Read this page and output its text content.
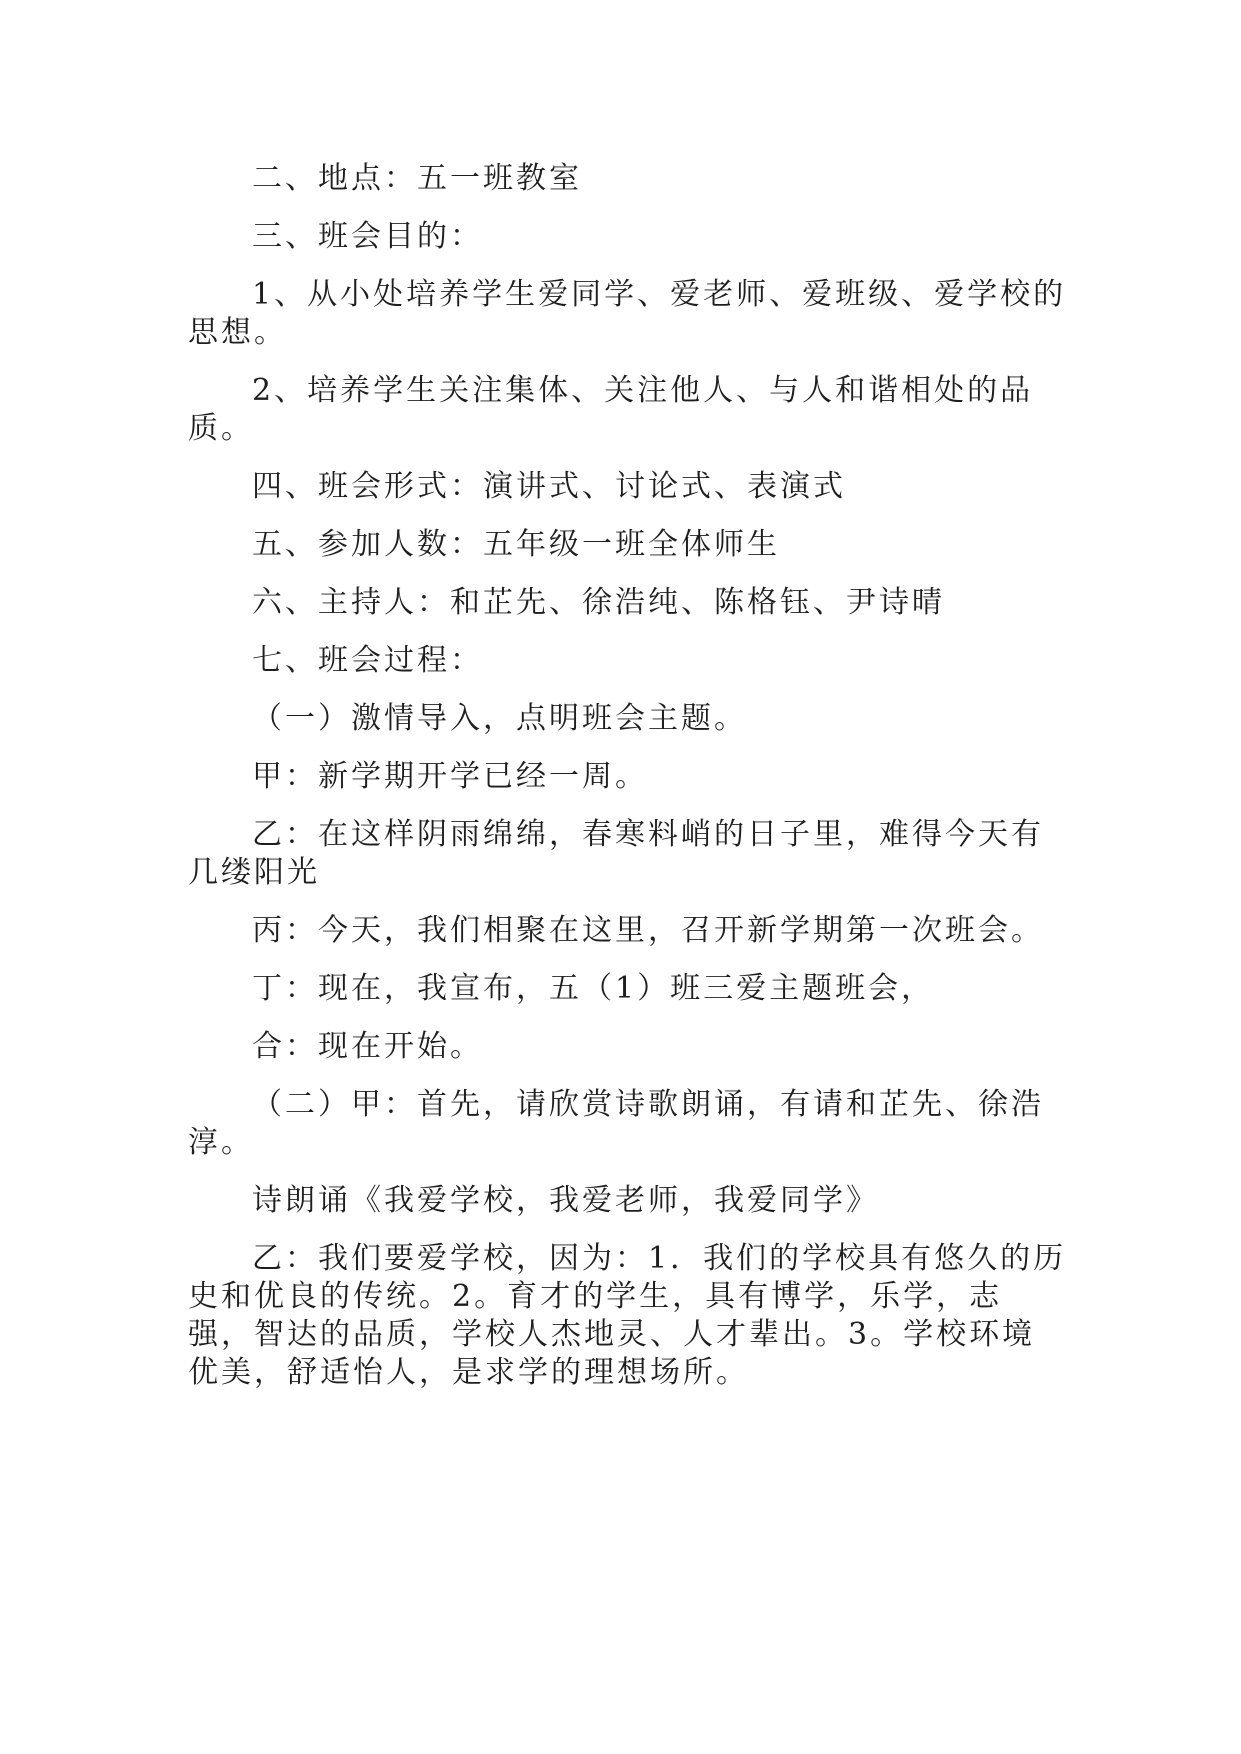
二、地点：五一班教室

三、班会目的：

1、从小处培养学生爱同学、爱老师、爱班级、爱学校的思想。

2、培养学生关注集体、关注他人、与人和谐相处的品质。

四、班会形式：演讲式、讨论式、表演式

五、参加人数：五年级一班全体师生

六、主持人：和芷先、徐浩纯、陈格钰、尹诗晴

七、班会过程：

（一）激情导入，点明班会主题。

甲：新学期开学已经一周。

乙：在这样阴雨绵绵，春寒料峭的日子里，难得今天有几缕阳光

丙：今天，我们相聚在这里，召开新学期第一次班会。

丁：现在，我宣布，五（1）班三爱主题班会，

合：现在开始。

（二）甲：首先，请欣赏诗歌朗诵，有请和芷先、徐浩淳。

诗朗诵《我爱学校，我爱老师，我爱同学》

乙：我们要爱学校，因为：1．我们的学校具有悠久的历史和优良的传统。2。育才的学生，具有博学，乐学，志强，智达的品质，学校人杰地灵、人才辈出。3。学校环境优美，舒适怡人，是求学的理想场所。
